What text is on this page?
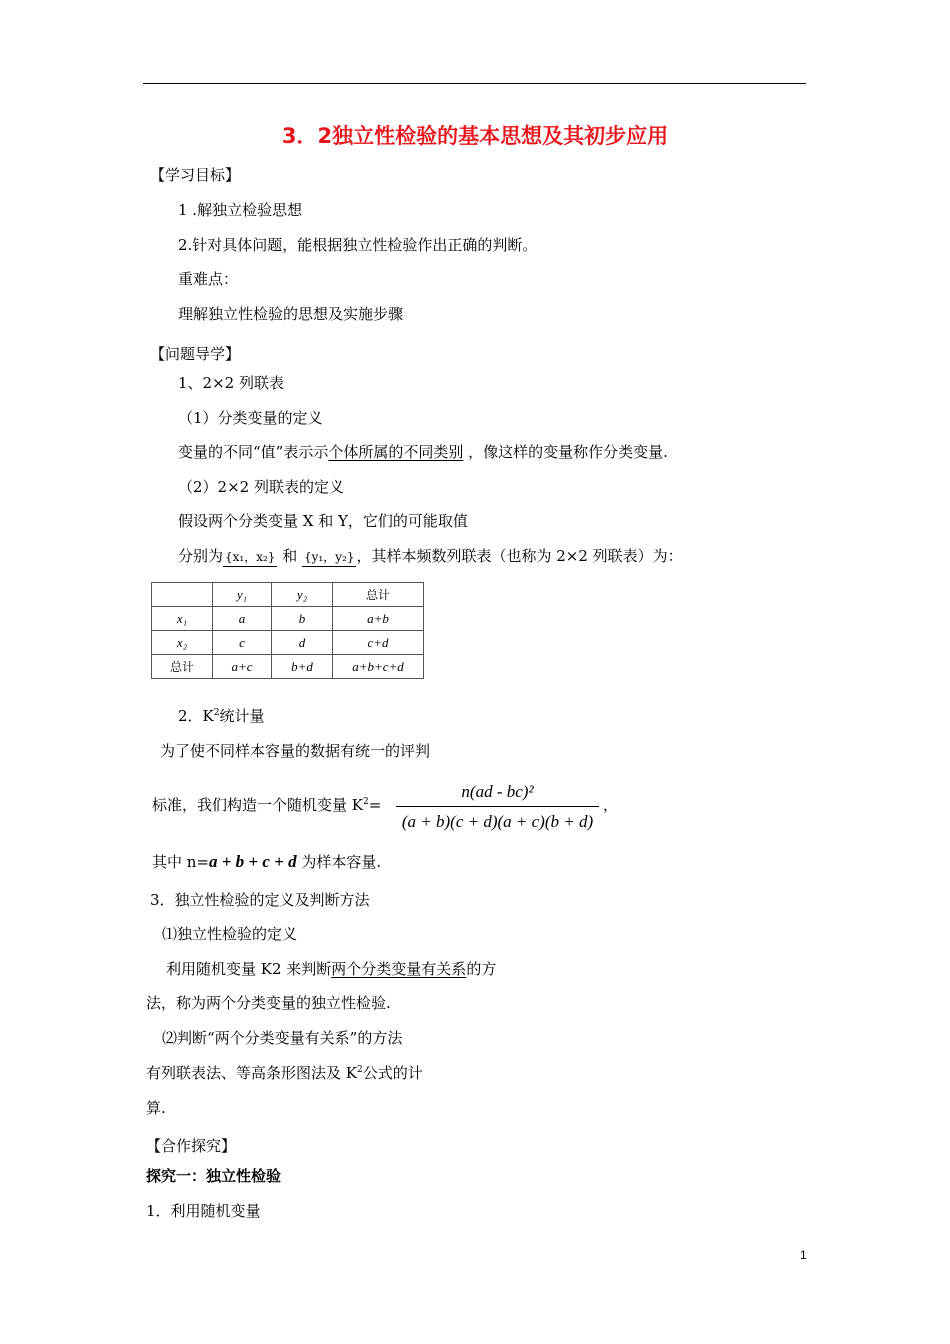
3．2独立性检验的基本思想及其初步应用
【学习目标】
1 .解独立检验思想
2.针对具体问题，能根据独立性检验作出正确的判断。
重难点：
理解独立性检验的思想及实施步骤
【问题导学】
1、2×2 列联表
（1）分类变量的定义
变量的不同“值”表示示个体所属的不同类别 ，像这样的变量称作分类变量.
（2）2×2 列联表的定义
假设两个分类变量 X 和 Y，它们的可能取值
分别为 {x₁，x₂} 和 {y₁，y₂} ，其样本频数列联表（也称为 2×2 列联表）为：
	y₁	y₂	总计
x₁	a	b	a+b
x₂	c	d	c+d
总计	a+c	b+d	a+b+c+d
2．$K^2$统计量
为了使不同样本容量的数据有统一的评判
标准，我们构造一个随机变量 $K^2=$
n(ad - bc)²
(a + b)(c + d)(a + c)(b + d)
，
其中 n=a + b + c + d 为样本容量.
3．独立性检验的定义及判断方法
⑴独立性检验的定义
利用随机变量 K2 来判断两个分类变量有关系的方
法，称为两个分类变量的独立性检验.
⑵判断“两个分类变量有关系”的方法
有列联表法、等高条形图法及 $K^2$公式的计
算.
【合作探究】
探究一：独立性检验
1．利用随机变量
1
